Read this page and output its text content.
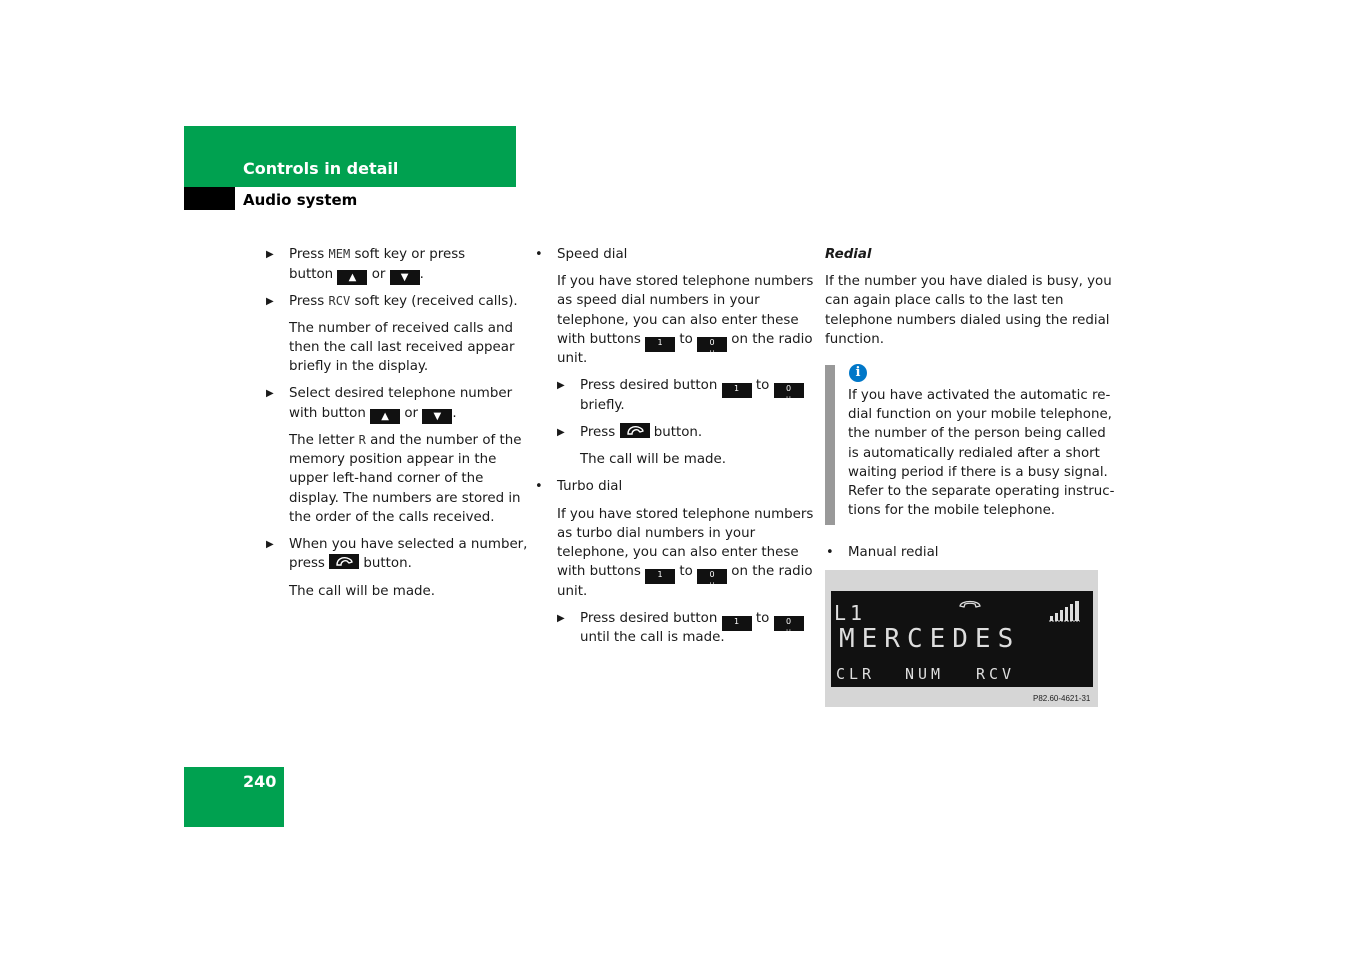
Controls in detail
Audio system
▶ Press MEM soft key or press
button ▲ or ▼ .
▶ Press RCV soft key (received calls).
The number of received calls and
then the call last received appear
briefly in the display.
▶ Select desired telephone number
with button ▲ or ▼ .
The letter R and the number of the
memory position appear in the
upper left-hand corner of the
display. The numbers are stored in
the order of the calls received.
▶ When you have selected a number,
press  button.
The call will be made.
• Speed dial
If you have stored telephone numbers
as speed dial numbers in your
telephone, you can also enter these
with buttons 1 to 0
␣
on the radio
unit.
▶ Press desired button 1 to 0
␣
briefly.
▶ Press  button.
The call will be made.
• Turbo dial
If you have stored telephone numbers
as turbo dial numbers in your
telephone, you can also enter these
with buttons 1 to 0
␣
on the radio
unit.
▶ Press desired button 1 to 0
␣
until the call is made.
Redial
If the number you have dialed is busy, you
can again place calls to the last ten
telephone numbers dialed using the redial
function.
i
If you have activated the automatic re-
dial function on your mobile telephone,
the number of the person being called
is automatically redialed after a short
waiting period if there is a busy signal.
Refer to the separate operating instruc-
tions for the mobile telephone.
• Manual redial
L1
MERCEDES
CLR NUM RCV
P82.60-4621-31
240
